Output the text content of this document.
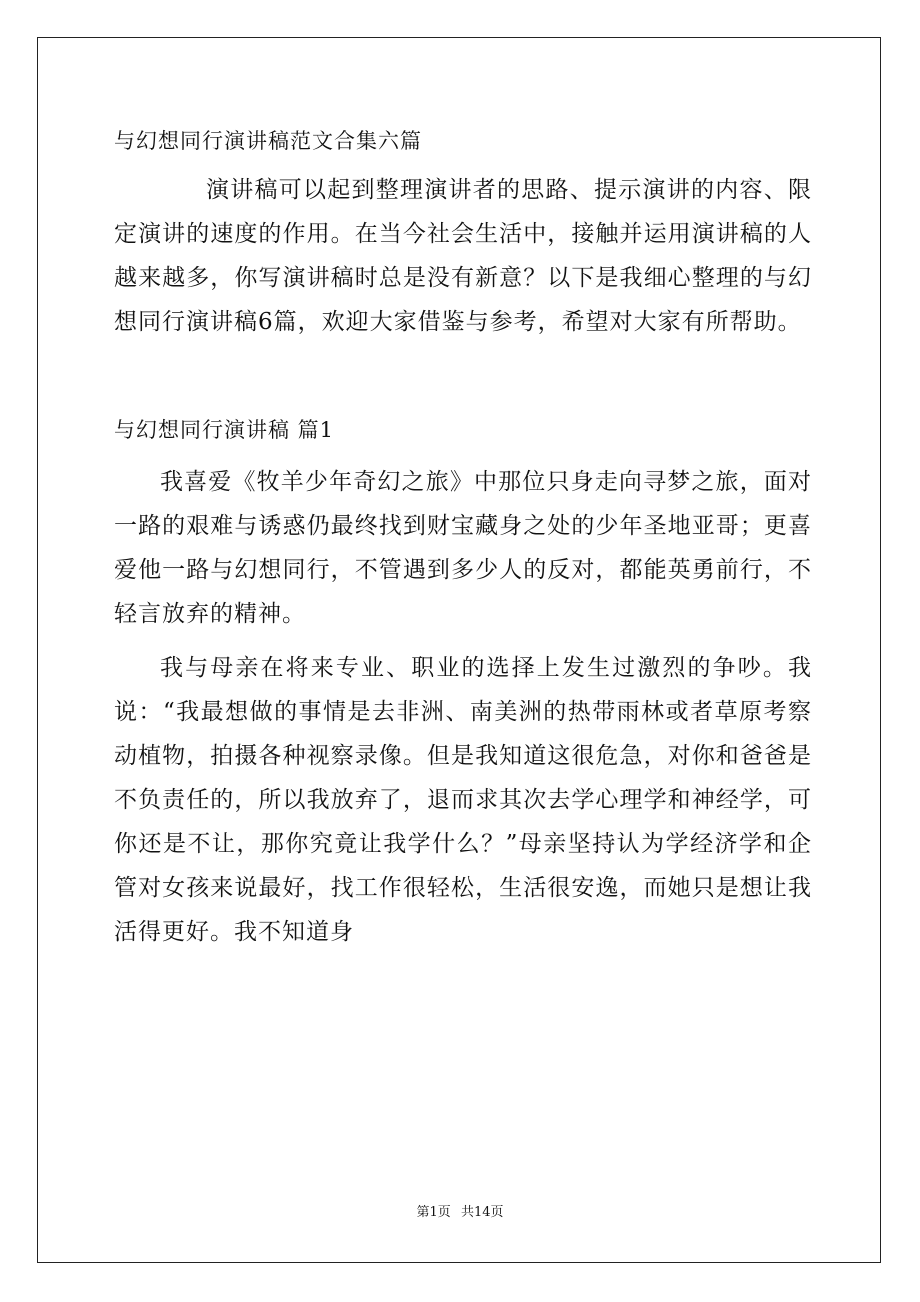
与幻想同行演讲稿范文合集六篇

演讲稿可以起到整理演讲者的思路、提示演讲的内容、限定演讲的速度的作用。在当今社会生活中，接触并运用演讲稿的人越来越多，你写演讲稿时总是没有新意？以下是我细心整理的与幻想同行演讲稿6篇，欢迎大家借鉴与参考，希望对大家有所帮助。

与幻想同行演讲稿 篇1

我喜爱《牧羊少年奇幻之旅》中那位只身走向寻梦之旅，面对一路的艰难与诱惑仍最终找到财宝藏身之处的少年圣地亚哥；更喜爱他一路与幻想同行，不管遇到多少人的反对，都能英勇前行，不轻言放弃的精神。

我与母亲在将来专业、职业的选择上发生过激烈的争吵。我说：“我最想做的事情是去非洲、南美洲的热带雨林或者草原考察动植物，拍摄各种视察录像。但是我知道这很危急，对你和爸爸是不负责任的，所以我放弃了，退而求其次去学心理学和神经学，可你还是不让，那你究竟让我学什么？”母亲坚持认为学经济学和企管对女孩来说最好，找工作很轻松，生活很安逸，而她只是想让我活得更好。我不知道身

第1页 共14页
